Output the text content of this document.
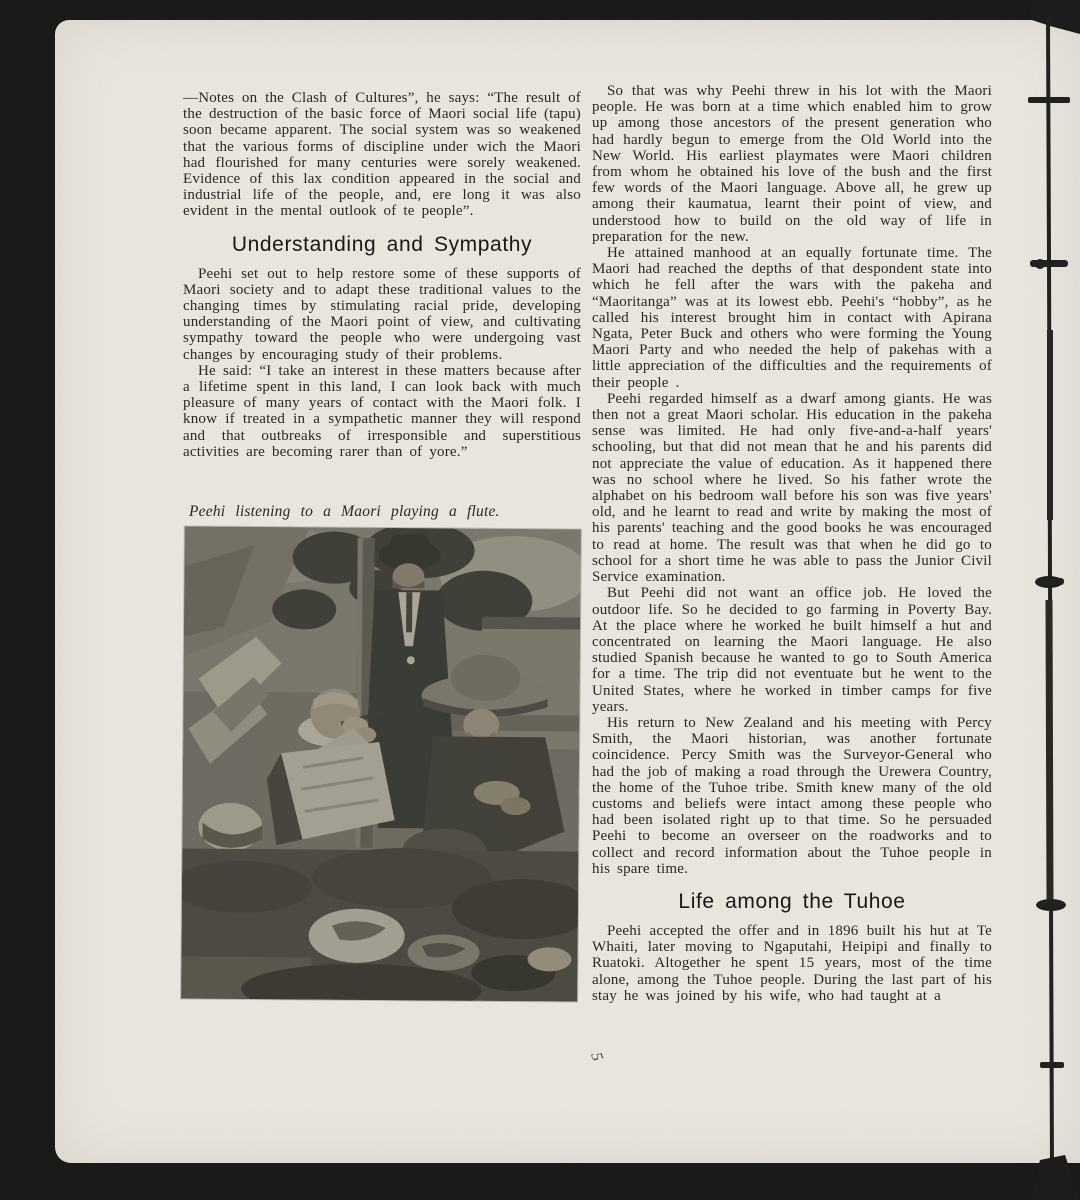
—Notes on the Clash of Cultures”, he says: “The result of the destruction of the basic force of Maori social life (tapu) soon became apparent. The social system was so weakened that the various forms of discipline under wich the Maori had flourished for many centuries were sorely weakened. Evidence of this lax condition appeared in the social and industrial life of the people, and, ere long it was also evident in the mental outlook of te people”.

Understanding and Sympathy

Peehi set out to help restore some of these supports of Maori society and to adapt these traditional values to the changing times by stimulating racial pride, developing understanding of the Maori point of view, and cultivating sympathy toward the people who were undergoing vast changes by encouraging study of their problems.

He said: “I take an interest in these matters because after a lifetime spent in this land, I can look back with much pleasure of many years of contact with the Maori folk. I know if treated in a sympathetic manner they will respond and that outbreaks of irresponsible and superstitious activities are becoming rarer than of yore.”

Peehi listening to a Maori playing a flute.

So that was why Peehi threw in his lot with the Maori people. He was born at a time which enabled him to grow up among those ancestors of the present generation who had hardly begun to emerge from the Old World into the New World. His earliest playmates were Maori children from whom he obtained his love of the bush and the first few words of the Maori language. Above all, he grew up among their kaumatua, learnt their point of view, and understood how to build on the old way of life in preparation for the new.

He attained manhood at an equally fortunate time. The Maori had reached the depths of that despondent state into which he fell after the wars with the pakeha and “Maoritanga” was at its lowest ebb. Peehi's “hobby”, as he called his interest brought him in contact with Apirana Ngata, Peter Buck and others who were forming the Young Maori Party and who needed the help of pakehas with a little appreciation of the difficulties and the requirements of their people .

Peehi regarded himself as a dwarf among giants. He was then not a great Maori scholar. His education in the pakeha sense was limited. He had only five-and-a-half years' schooling, but that did not mean that he and his parents did not appreciate the value of education. As it happened there was no school where he lived. So his father wrote the alphabet on his bedroom wall before his son was five years' old, and he learnt to read and write by making the most of his parents' teaching and the good books he was encouraged to read at home. The result was that when he did go to school for a short time he was able to pass the Junior Civil Service examination.

But Peehi did not want an office job. He loved the outdoor life. So he decided to go farming in Poverty Bay. At the place where he worked he built himself a hut and concentrated on learning the Maori language. He also studied Spanish because he wanted to go to South America for a time. The trip did not eventuate but he went to the United States, where he worked in timber camps for five years.

His return to New Zealand and his meeting with Percy Smith, the Maori historian, was another fortunate coincidence. Percy Smith was the Surveyor-General who had the job of making a road through the Urewera Country, the home of the Tuhoe tribe. Smith knew many of the old customs and beliefs were intact among these people who had been isolated right up to that time. So he persuaded Peehi to become an overseer on the roadworks and to collect and record information about the Tuhoe people in his spare time.

Life among the Tuhoe

Peehi accepted the offer and in 1896 built his hut at Te Whaiti, later moving to Ngaputahi, Heipipi and finally to Ruatoki. Altogether he spent 15 years, most of the time alone, among the Tuhoe people. During the last part of his stay he was joined by his wife, who had taught at a

5
